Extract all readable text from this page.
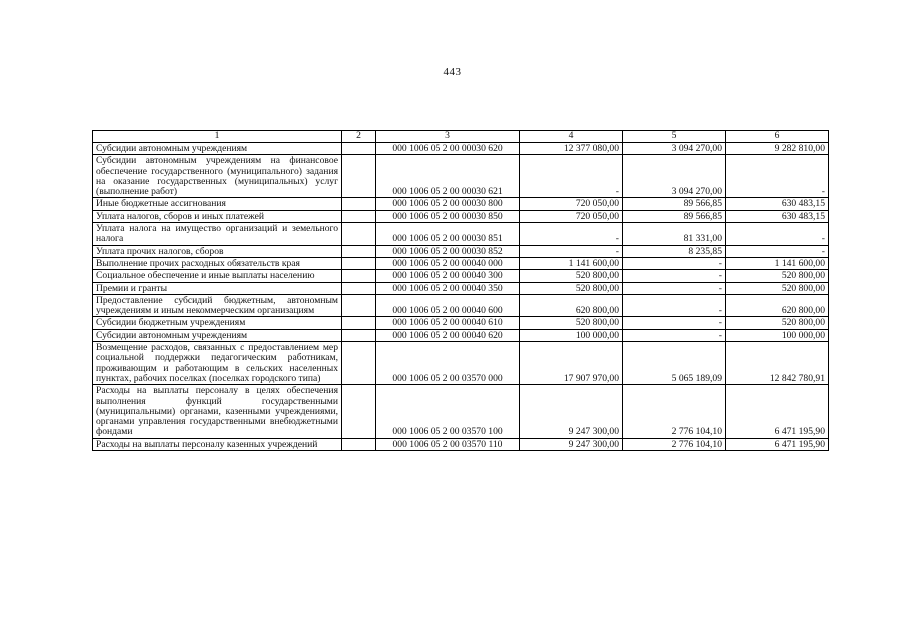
443
1	2	3	4	5	6
Субсидии автономным учреждениям		000 1006 05 2 00 00030 620	12 377 080,00	3 094 270,00	9 282 810,00
Субсидии автономным учреждениям на финансовое обеспечение государственного (муниципального) задания на оказание государственных (муниципальных) услуг (выполнение работ)		000 1006 05 2 00 00030 621	-	3 094 270,00	-
Иные бюджетные ассигнования		000 1006 05 2 00 00030 800	720 050,00	89 566,85	630 483,15
Уплата налогов, сборов и иных платежей		000 1006 05 2 00 00030 850	720 050,00	89 566,85	630 483,15
Уплата налога на имущество организаций и земельного налога		000 1006 05 2 00 00030 851	-	81 331,00	-
Уплата прочих налогов, сборов		000 1006 05 2 00 00030 852	-	8 235,85	-
Выполнение прочих расходных обязательств края		000 1006 05 2 00 00040 000	1 141 600,00	-	1 141 600,00
Социальное обеспечение и иные выплаты населению		000 1006 05 2 00 00040 300	520 800,00	-	520 800,00
Премии и гранты		000 1006 05 2 00 00040 350	520 800,00	-	520 800,00
Предоставление субсидий бюджетным, автономным учреждениям и иным некоммерческим организациям		000 1006 05 2 00 00040 600	620 800,00	-	620 800,00
Субсидии бюджетным учреждениям		000 1006 05 2 00 00040 610	520 800,00	-	520 800,00
Субсидии автономным учреждениям		000 1006 05 2 00 00040 620	100 000,00	-	100 000,00
Возмещение расходов, связанных с предоставлением мер социальной поддержки педагогическим работникам, проживающим и работающим в сельских населенных пунктах, рабочих поселках (поселках городского типа)		000 1006 05 2 00 03570 000	17 907 970,00	5 065 189,09	12 842 780,91
Расходы на выплаты персоналу в целях обеспечения выполнения функций государственными (муниципальными) органами, казенными учреждениями, органами управления государственными внебюджетными фондами		000 1006 05 2 00 03570 100	9 247 300,00	2 776 104,10	6 471 195,90
Расходы на выплаты персоналу казенных учреждений		000 1006 05 2 00 03570 110	9 247 300,00	2 776 104,10	6 471 195,90
